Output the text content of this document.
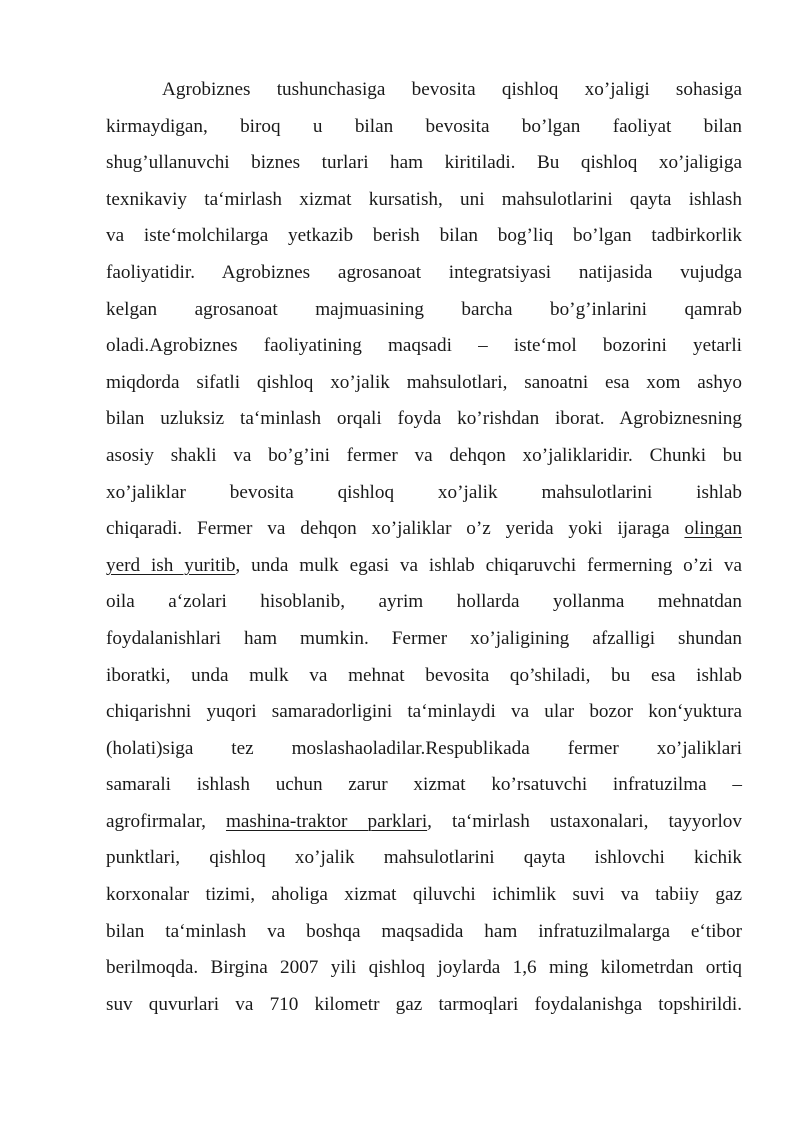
Agrobiznes tushunchasiga bevosita qishloq xo’jaligi sohasiga
kirmaydigan, biroq u bilan bevosita bo’lgan faoliyat bilan
shug’ullanuvchi biznes turlari ham kiritiladi. Bu qishloq xo’jaligiga
texnikaviy ta‘mirlash xizmat kursatish, uni mahsulotlarini qayta ishlash
va iste‘molchilarga yetkazib berish bilan bog’liq bo’lgan tadbirkorlik
faoliyatidir. Agrobiznes agrosanoat integratsiyasi natijasida vujudga
kelgan agrosanoat majmuasining barcha bo’g’inlarini qamrab
oladi.Agrobiznes faoliyatining maqsadi – iste‘mol bozorini yetarli
miqdorda sifatli qishloq xo’jalik mahsulotlari, sanoatni esa xom ashyo
bilan uzluksiz ta‘minlash orqali foyda ko’rishdan iborat. Agrobiznesning
asosiy shakli va bo’g’ini fermer va dehqon xo’jaliklaridir. Chunki bu
xo’jaliklar bevosita qishloq xo’jalik mahsulotlarini ishlab
chiqaradi. Fermer va dehqon xo’jaliklar o’z yerida yoki ijaraga olingan
yerd ish yuritib, unda mulk egasi va ishlab chiqaruvchi fermerning o’zi va
oila a‘zolari hisoblanib, ayrim hollarda yollanma mehnatdan
foydalanishlari ham mumkin. Fermer xo’jaligining afzalligi shundan
iboratki, unda mulk va mehnat bevosita qo’shiladi, bu esa ishlab
chiqarishni yuqori samaradorligini ta‘minlaydi va ular bozor kon‘yuktura
(holati)siga tez moslashaoladilar.Respublikada fermer xo’jaliklari
samarali ishlash uchun zarur xizmat ko’rsatuvchi infratuzilma –
agrofirmalar, mashina-traktor parklari, ta‘mirlash ustaxonalari, tayyorlov
punktlari, qishloq xo’jalik mahsulotlarini qayta ishlovchi kichik
korxonalar tizimi, aholiga xizmat qiluvchi ichimlik suvi va tabiiy gaz
bilan ta‘minlash va boshqa maqsadida ham infratuzilmalarga e‘tibor
berilmoqda. Birgina 2007 yili qishloq joylarda 1,6 ming kilometrdan ortiq
suv quvurlari va 710 kilometr gaz tarmoqlari foydalanishga topshirildi.
